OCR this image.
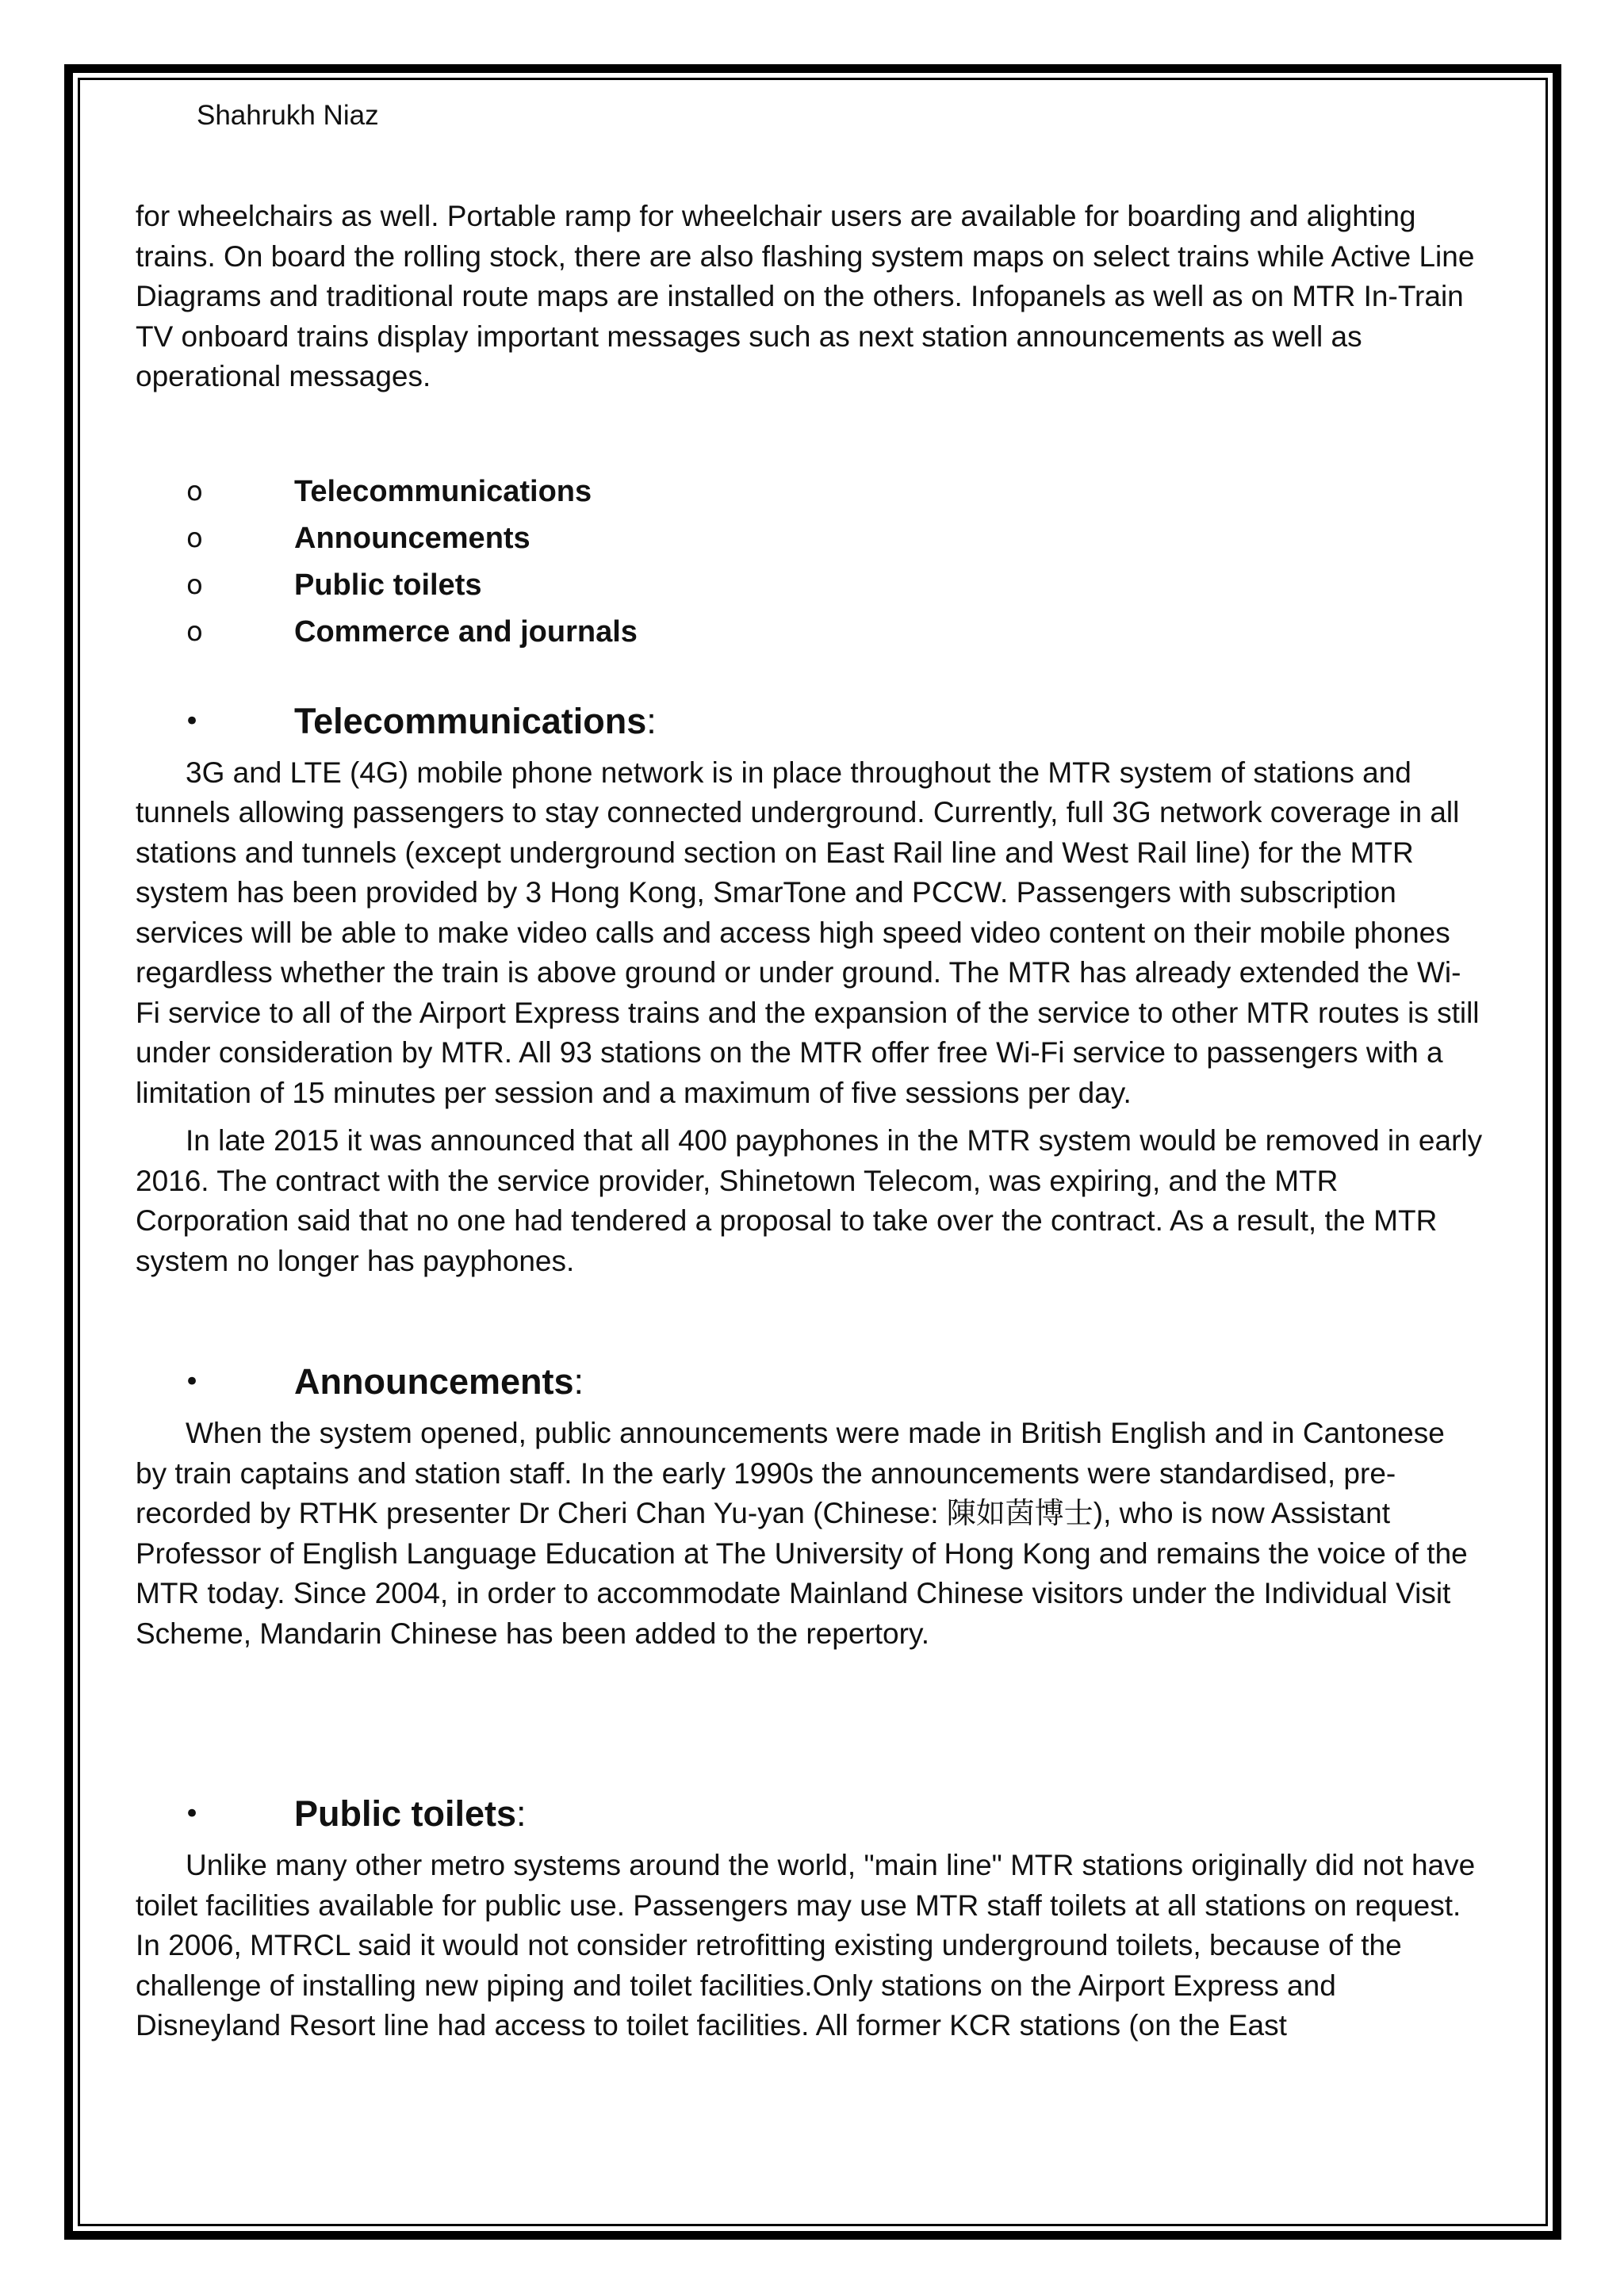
Shahrukh Niaz

for wheelchairs as well. Portable ramp for wheelchair users are available for boarding and alighting trains. On board the rolling stock, there are also flashing system maps on select trains while Active Line Diagrams and traditional route maps are installed on the others. Infopanels as well as on MTR In-Train TV onboard trains display important messages such as next station announcements as well as operational messages.

o	Telecommunications
o	Announcements
o	Public toilets
o	Commerce and journals
•	Telecommunications:

3G and LTE (4G) mobile phone network is in place throughout the MTR system of stations and tunnels allowing passengers to stay connected underground. Currently, full 3G network coverage in all stations and tunnels (except underground section on East Rail line and West Rail line) for the MTR system has been provided by 3 Hong Kong, SmarTone and PCCW. Passengers with subscription services will be able to make video calls and access high speed video content on their mobile phones regardless whether the train is above ground or under ground. The MTR has already extended the Wi-Fi service to all of the Airport Express trains and the expansion of the service to other MTR routes is still under consideration by MTR. All 93 stations on the MTR offer free Wi-Fi service to passengers with a limitation of 15 minutes per session and a maximum of five sessions per day.

In late 2015 it was announced that all 400 payphones in the MTR system would be removed in early 2016. The contract with the service provider, Shinetown Telecom, was expiring, and the MTR Corporation said that no one had tendered a proposal to take over the contract. As a result, the MTR system no longer has payphones.

•	Announcements:

When the system opened, public announcements were made in British English and in Cantonese by train captains and station staff. In the early 1990s the announcements were standardised, pre-recorded by RTHK presenter Dr Cheri Chan Yu-yan (Chinese: 陳如茵博士), who is now Assistant Professor of English Language Education at The University of Hong Kong and remains the voice of the MTR today. Since 2004, in order to accommodate Mainland Chinese visitors under the Individual Visit Scheme, Mandarin Chinese has been added to the repertory.

•	Public toilets:

Unlike many other metro systems around the world, "main line" MTR stations originally did not have toilet facilities available for public use. Passengers may use MTR staff toilets at all stations on request. In 2006, MTRCL said it would not consider retrofitting existing underground toilets, because of the challenge of installing new piping and toilet facilities.Only stations on the Airport Express and Disneyland Resort line had access to toilet facilities. All former KCR stations (on the East
